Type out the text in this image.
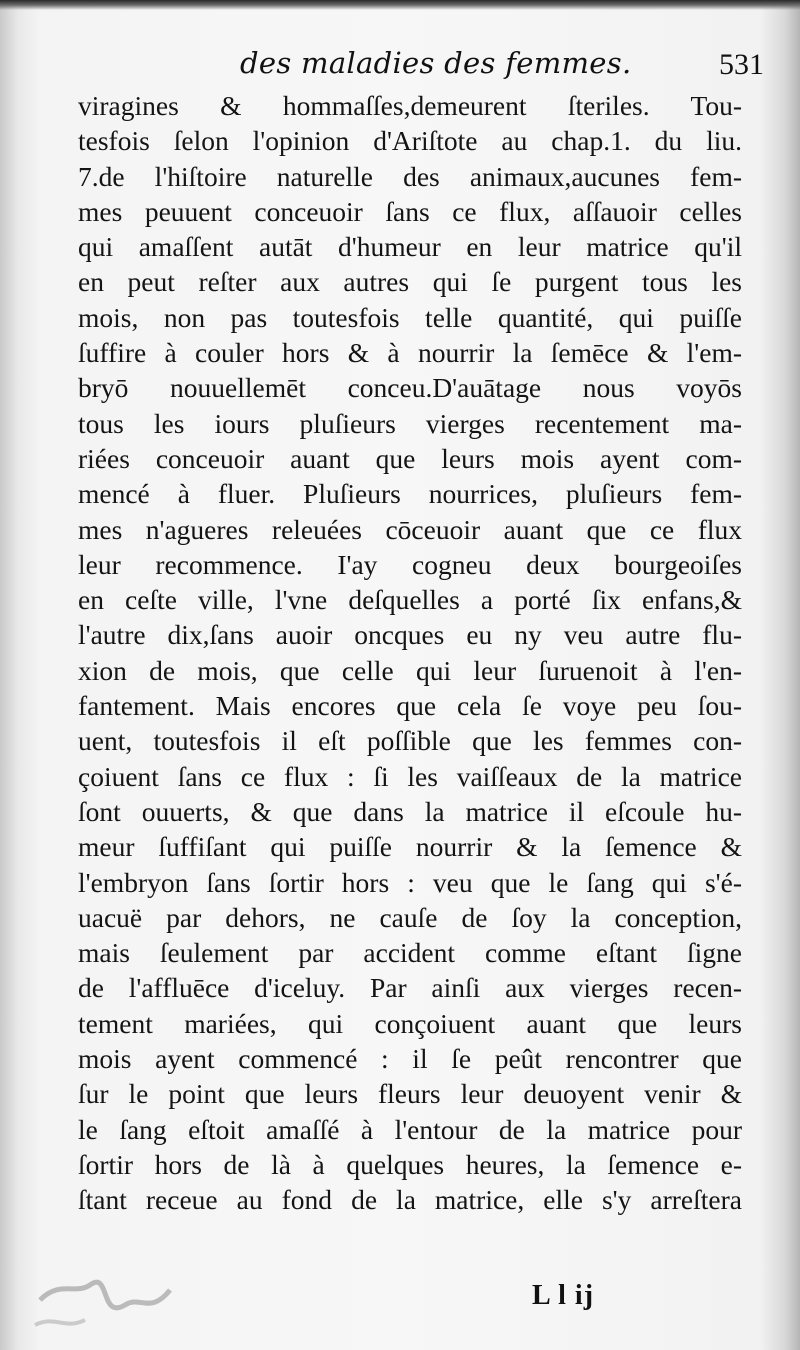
des maladies des femmes.	531
viragines & hommaſſes,demeurent ſteriles. Tou-
tesfois ſelon l'opinion d'Ariſtote au chap.1. du liu.
7.de l'hiſtoire naturelle des animaux,aucunes fem-
mes peuuent conceuoir ſans ce flux, aſſauoir celles
qui amaſſent autāt d'humeur en leur matrice qu'il
en peut reſter aux autres qui ſe purgent tous les
mois, non pas toutesfois telle quantité, qui puiſſe
ſuffire à couler hors & à nourrir la ſemēce & l'em-
bryō nouuellemēt conceu.D'auātage nous voyōs
tous les iours pluſieurs vierges recentement ma-
riées conceuoir auant que leurs mois ayent com-
mencé à fluer. Pluſieurs nourrices, pluſieurs fem-
mes n'agueres releuées cōceuoir auant que ce flux
leur recommence. I'ay cogneu deux bourgeoiſes
en ceſte ville, l'vne deſquelles a porté ſix enfans,&
l'autre dix,ſans auoir oncques eu ny veu autre flu-
xion de mois, que celle qui leur ſuruenoit à l'en-
fantement. Mais encores que cela ſe voye peu ſou-
uent, toutesfois il eſt poſſible que les femmes con-
çoiuent ſans ce flux : ſi les vaiſſeaux de la matrice
ſont ouuerts, & que dans la matrice il eſcoule hu-
meur ſuffiſant qui puiſſe nourrir & la ſemence &
l'embryon ſans ſortir hors : veu que le ſang qui s'é-
uacuë par dehors, ne cauſe de ſoy la conception,
mais ſeulement par accident comme eſtant ſigne
de l'affluēce d'iceluy. Par ainſi aux vierges recen-
tement mariées, qui conçoiuent auant que leurs
mois ayent commencé : il ſe peût rencontrer que
ſur le point que leurs fleurs leur deuoyent venir &
le ſang eſtoit amaſſé à l'entour de la matrice pour
ſortir hors de là à quelques heures, la ſemence e-
ſtant receue au fond de la matrice, elle s'y arreſtera
L l ij
